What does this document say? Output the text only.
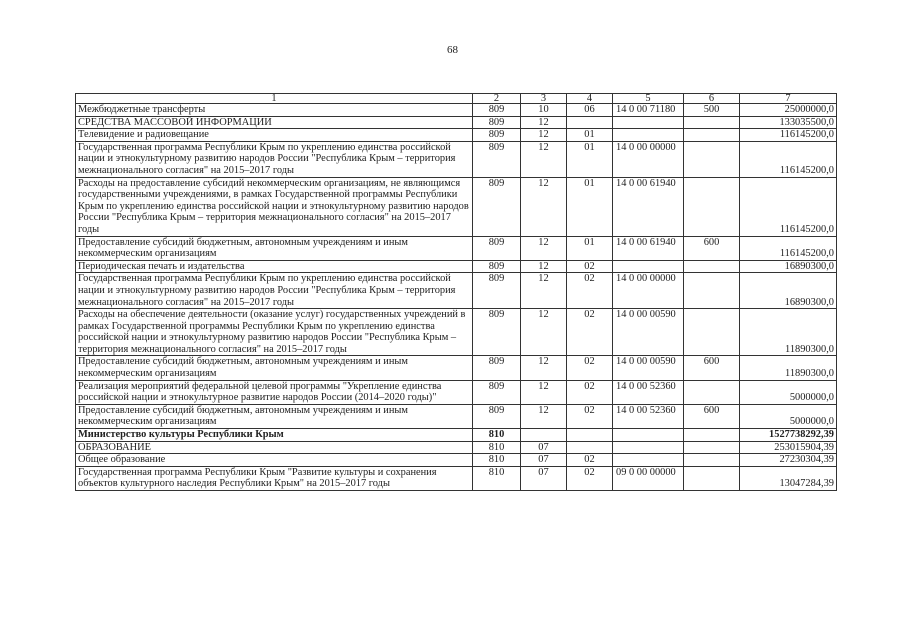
68
1	2	3	4	5	6	7
Межбюджетные трансферты	809	10	06	14 0 00 71180	500	25000000,0
СРЕДСТВА МАССОВОЙ ИНФОРМАЦИИ	809	12				133035500,0
Телевидение и радиовещание	809	12	01			116145200,0
Государственная программа Республики Крым по укреплению единства российской нации и этнокультурному развитию народов России "Республика Крым – территория межнационального согласия" на 2015–2017 годы	809	12	01	14 0 00 00000		116145200,0
Расходы на предоставление субсидий некоммерческим организациям, не являющимся государственными учреждениями, в рамках Государственной программы Республики Крым по укреплению единства российской нации и этнокультурному развитию народов России "Республика Крым – территория межнационального согласия" на 2015–2017 годы	809	12	01	14 0 00 61940		116145200,0
Предоставление субсидий бюджетным, автономным учреждениям и иным некоммерческим организациям	809	12	01	14 0 00 61940	600	116145200,0
Периодическая печать и издательства	809	12	02			16890300,0
Государственная программа Республики Крым по укреплению единства российской нации и этнокультурному развитию народов России "Республика Крым – территория межнационального согласия" на 2015–2017 годы	809	12	02	14 0 00 00000		16890300,0
Расходы на обеспечение деятельности (оказание услуг) государственных учреждений в рамках Государственной программы Республики Крым по укреплению единства российской нации и этнокультурному развитию народов России "Республика Крым – территория межнационального согласия" на 2015–2017 годы	809	12	02	14 0 00 00590		11890300,0
Предоставление субсидий бюджетным, автономным учреждениям и иным некоммерческим организациям	809	12	02	14 0 00 00590	600	11890300,0
Реализация мероприятий федеральной целевой программы "Укрепление единства российской нации и этнокультурное развитие народов России (2014–2020 годы)"	809	12	02	14 0 00 52360		5000000,0
Предоставление субсидий бюджетным, автономным учреждениям и иным некоммерческим организациям	809	12	02	14 0 00 52360	600	5000000,0
Министерство культуры Республики Крым	810					1527738292,39
ОБРАЗОВАНИЕ	810	07				253015904,39
Общее образование	810	07	02			27230304,39
Государственная программа Республики Крым "Развитие культуры и сохранения объектов культурного наследия Республики Крым" на 2015–2017 годы	810	07	02	09 0 00 00000		13047284,39
